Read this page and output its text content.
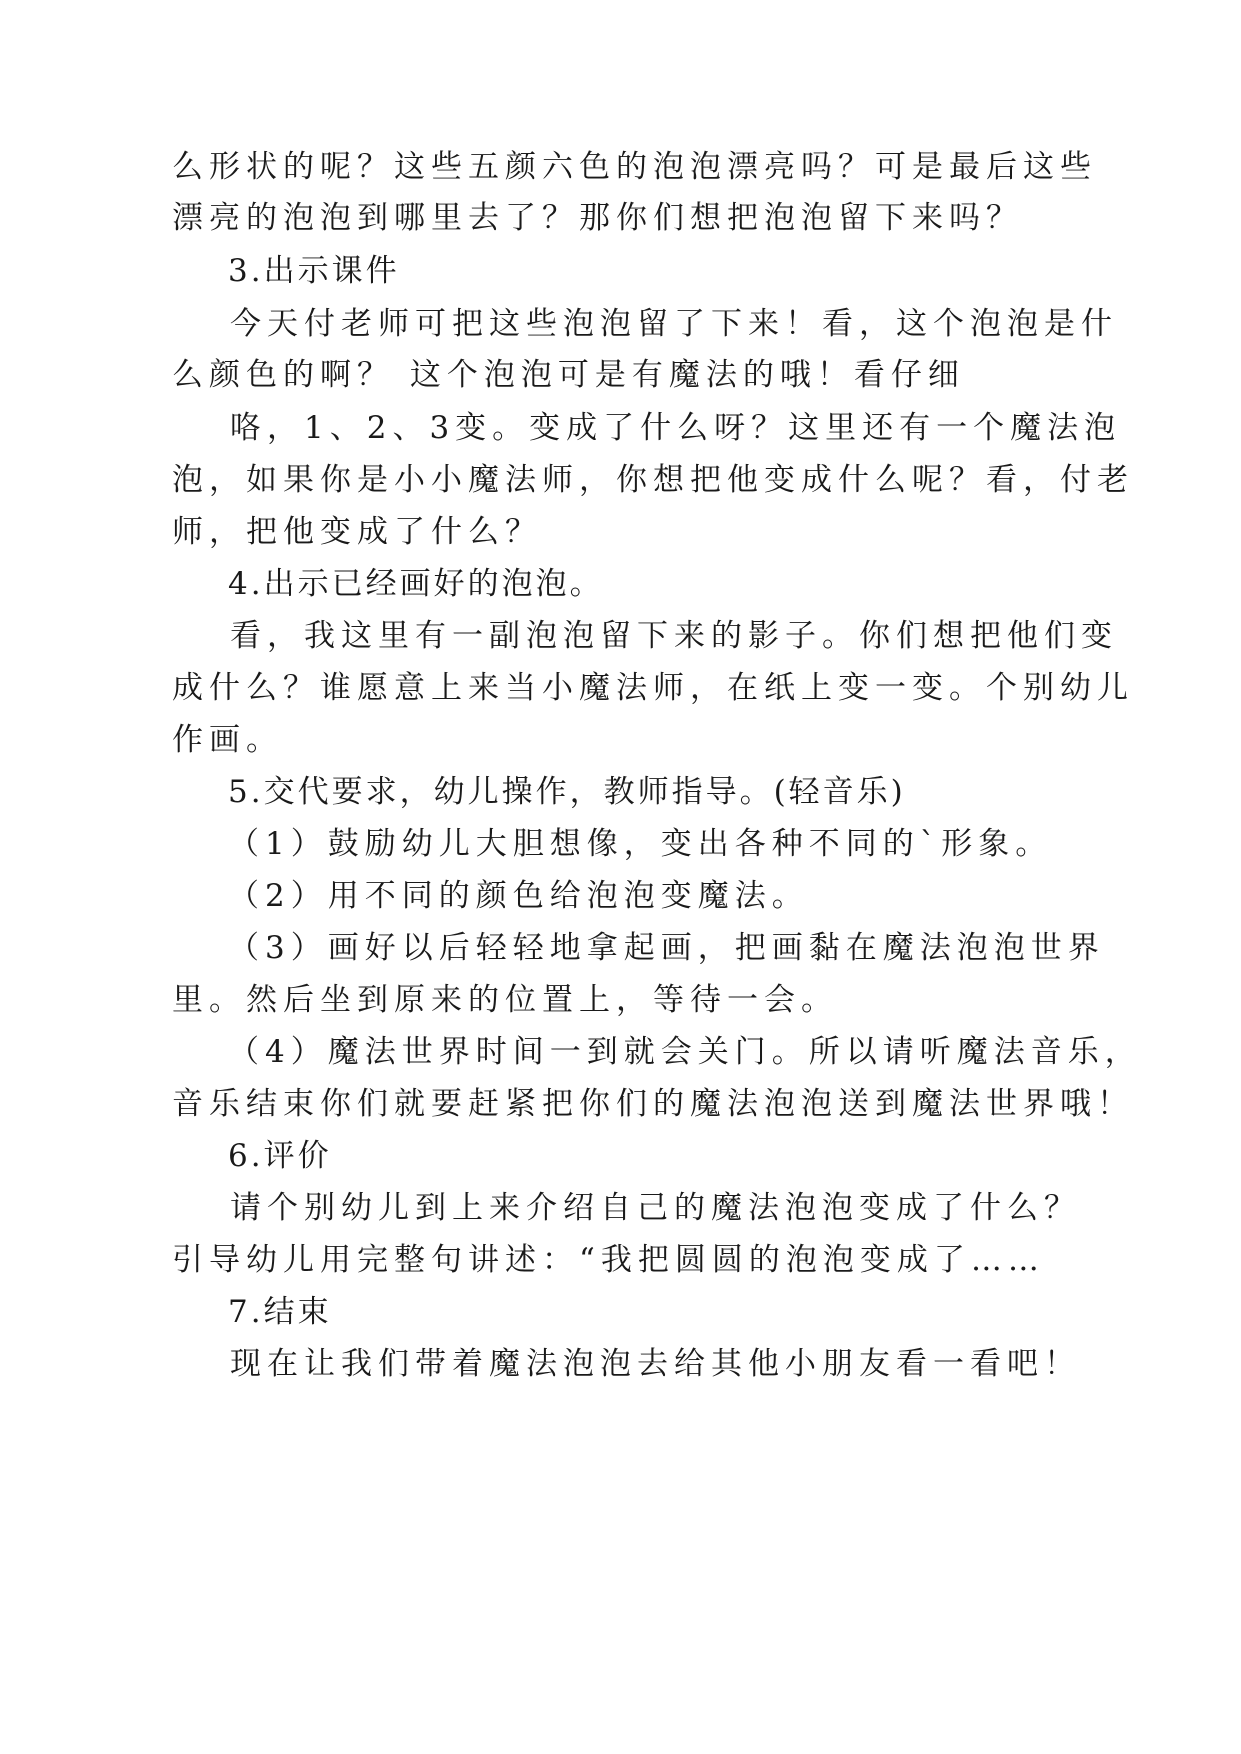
么形状的呢？这些五颜六色的泡泡漂亮吗？可是最后这些

漂亮的泡泡到哪里去了？那你们想把泡泡留下来吗？

3.出示课件

今天付老师可把这些泡泡留了下来！看，这个泡泡是什

么颜色的啊？ 这个泡泡可是有魔法的哦！看仔细

咯，1、2、3变。变成了什么呀？这里还有一个魔法泡

泡，如果你是小小魔法师，你想把他变成什么呢？看，付老

师，把他变成了什么？

4.出示已经画好的泡泡。

看，我这里有一副泡泡留下来的影子。你们想把他们变

成什么？谁愿意上来当小魔法师，在纸上变一变。个别幼儿

作画。

5.交代要求，幼儿操作，教师指导。(轻音乐)

（1）鼓励幼儿大胆想像，变出各种不同的`形象。

（2）用不同的颜色给泡泡变魔法。

（3）画好以后轻轻地拿起画，把画黏在魔法泡泡世界

里。然后坐到原来的位置上，等待一会。

（4）魔法世界时间一到就会关门。所以请听魔法音乐，

音乐结束你们就要赶紧把你们的魔法泡泡送到魔法世界哦！

6.评价

请个别幼儿到上来介绍自己的魔法泡泡变成了什么？

引导幼儿用完整句讲述：“我把圆圆的泡泡变成了……

7.结束

现在让我们带着魔法泡泡去给其他小朋友看一看吧！
